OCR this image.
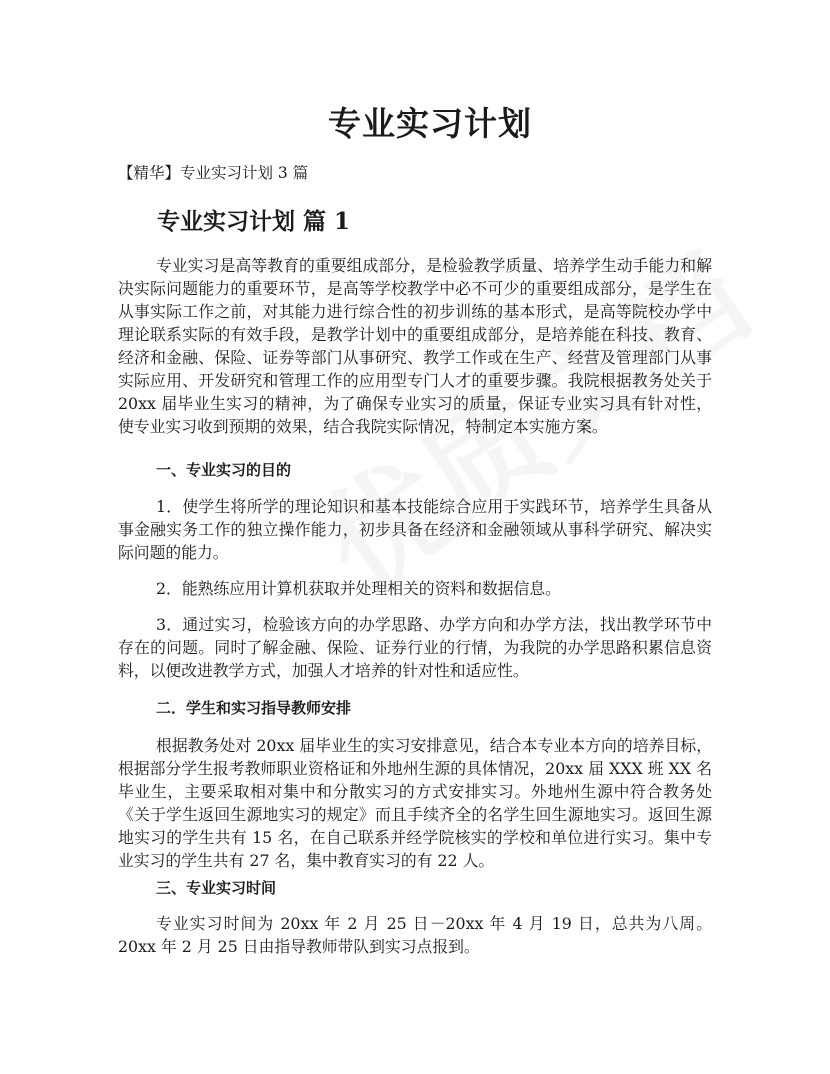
专业实习计划

【精华】专业实习计划 3 篇

专业实习计划 篇 1

专业实习是高等教育的重要组成部分，是检验教学质量、培养学生动手能力和解决实际问题能力的重要环节，是高等学校教学中必不可少的重要组成部分，是学生在从事实际工作之前，对其能力进行综合性的初步训练的基本形式，是高等院校办学中理论联系实际的有效手段，是教学计划中的重要组成部分，是培养能在科技、教育、经济和金融、保险、证券等部门从事研究、教学工作或在生产、经营及管理部门从事实际应用、开发研究和管理工作的应用型专门人才的重要步骤。我院根据教务处关于 20xx 届毕业生实习的精神，为了确保专业实习的质量，保证专业实习具有针对性，使专业实习收到预期的效果，结合我院实际情况，特制定本实施方案。

一、专业实习的目的

1．使学生将所学的理论知识和基本技能综合应用于实践环节，培养学生具备从事金融实务工作的独立操作能力，初步具备在经济和金融领域从事科学研究、解决实际问题的能力。

2．能熟练应用计算机获取并处理相关的资料和数据信息。

3．通过实习，检验该方向的办学思路、办学方向和办学方法，找出教学环节中存在的问题。同时了解金融、保险、证券行业的行情，为我院的办学思路积累信息资料，以便改进教学方式，加强人才培养的针对性和适应性。

二．学生和实习指导教师安排

根据教务处对 20xx 届毕业生的实习安排意见，结合本专业本方向的培养目标，根据部分学生报考教师职业资格证和外地州生源的具体情况，20xx 届 XXX 班 XX 名毕业生，主要采取相对集中和分散实习的方式安排实习。外地州生源中符合教务处《关于学生返回生源地实习的规定》而且手续齐全的名学生回生源地实习。返回生源地实习的学生共有 15 名，在自己联系并经学院核实的学校和单位进行实习。集中专业实习的学生共有 27 名，集中教育实习的有 22 人。

三、专业实习时间

专业实习时间为 20xx 年 2 月 25 日－20xx 年 4 月 19 日，总共为八周。 20xx 年 2 月 25 日由指导教师带队到实习点报到。
